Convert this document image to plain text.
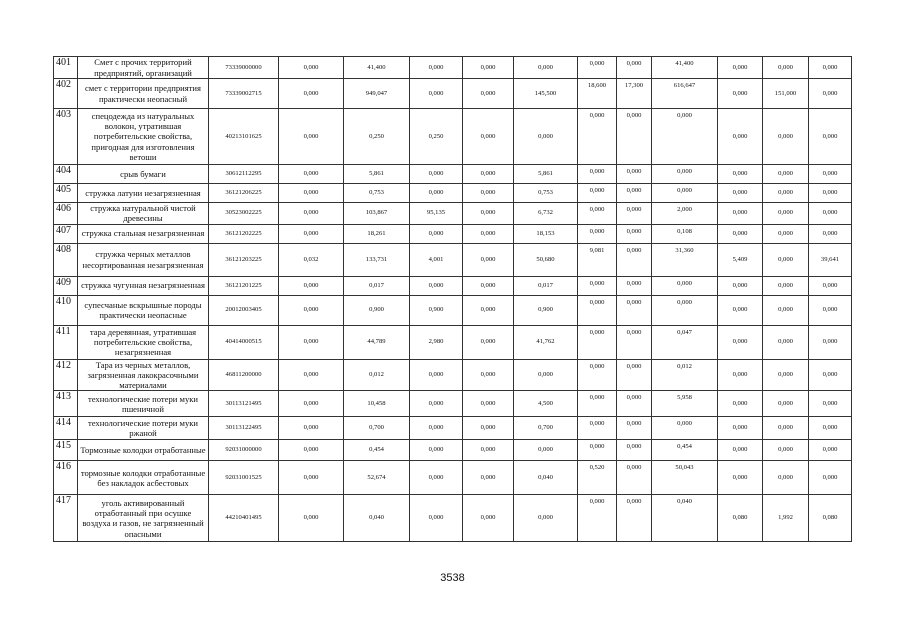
401	Смет с прочих территорий предприятий, организаций	73339000000	0,000	41,400	0,000	0,000	0,000	0,000	0,000	41,400	0,000	0,000	0,000
402	смет с территории предприятия практически неопасный	73339002715	0,000	949,047	0,000	0,000	145,500	18,600	17,300	616,647	0,000	151,000	0,000
403	спецодежда из натуральных волокон, утратившая потребительские свойства, пригодная для изготовления ветоши	40213101625	0,000	0,250	0,250	0,000	0,000	0,000	0,000	0,000	0,000	0,000	0,000
404	срыв бумаги	30612112295	0,000	5,861	0,000	0,000	5,861	0,000	0,000	0,000	0,000	0,000	0,000
405	стружка латуни незагрязненная	36121206225	0,000	0,753	0,000	0,000	0,753	0,000	0,000	0,000	0,000	0,000	0,000
406	стружка натуральной чистой древесины	30523002225	0,000	103,867	95,135	0,000	6,732	0,000	0,000	2,000	0,000	0,000	0,000
407	стружка стальная незагрязненная	36121202225	0,000	18,261	0,000	0,000	18,153	0,000	0,000	0,108	0,000	0,000	0,000
408	стружка черных металлов несортированная незагрязненная	36121203225	0,032	133,731	4,001	0,000	50,680	9,081	0,000	31,360	5,409	0,000	39,641
409	стружка чугунная незагрязненная	36121201225	0,000	0,017	0,000	0,000	0,017	0,000	0,000	0,000	0,000	0,000	0,000
410	супесчаные вскрышные породы практически неопасные	20012003405	0,000	0,900	0,900	0,000	0,900	0,000	0,000	0,000	0,000	0,000	0,000
411	тара деревянная, утратившая потребительские свойства, незагрязненная	40414000515	0,000	44,789	2,980	0,000	41,762	0,000	0,000	0,047	0,000	0,000	0,000
412	Тара из черных металлов, загрязненная лакокрасочными материалами	46811200000	0,000	0,012	0,000	0,000	0,000	0,000	0,000	0,012	0,000	0,000	0,000
413	технологические потери муки пшеничной	30113121495	0,000	10,458	0,000	0,000	4,500	0,000	0,000	5,958	0,000	0,000	0,000
414	технологические потери муки ржаной	30113122495	0,000	0,700	0,000	0,000	0,700	0,000	0,000	0,000	0,000	0,000	0,000
415	Тормозные колодки отработанные	92031000000	0,000	0,454	0,000	0,000	0,000	0,000	0,000	0,454	0,000	0,000	0,000
416	тормозные колодки отработанные без накладок асбестовых	92031001525	0,000	52,674	0,000	0,000	0,040	0,520	0,000	50,043	0,000	0,000	0,000
417	уголь активированный отработанный при осушке воздуха и газов, не загрязненный опасными	44210401495	0,000	0,040	0,000	0,000	0,000	0,000	0,000	0,040	0,080	1,992	0,080
3538
